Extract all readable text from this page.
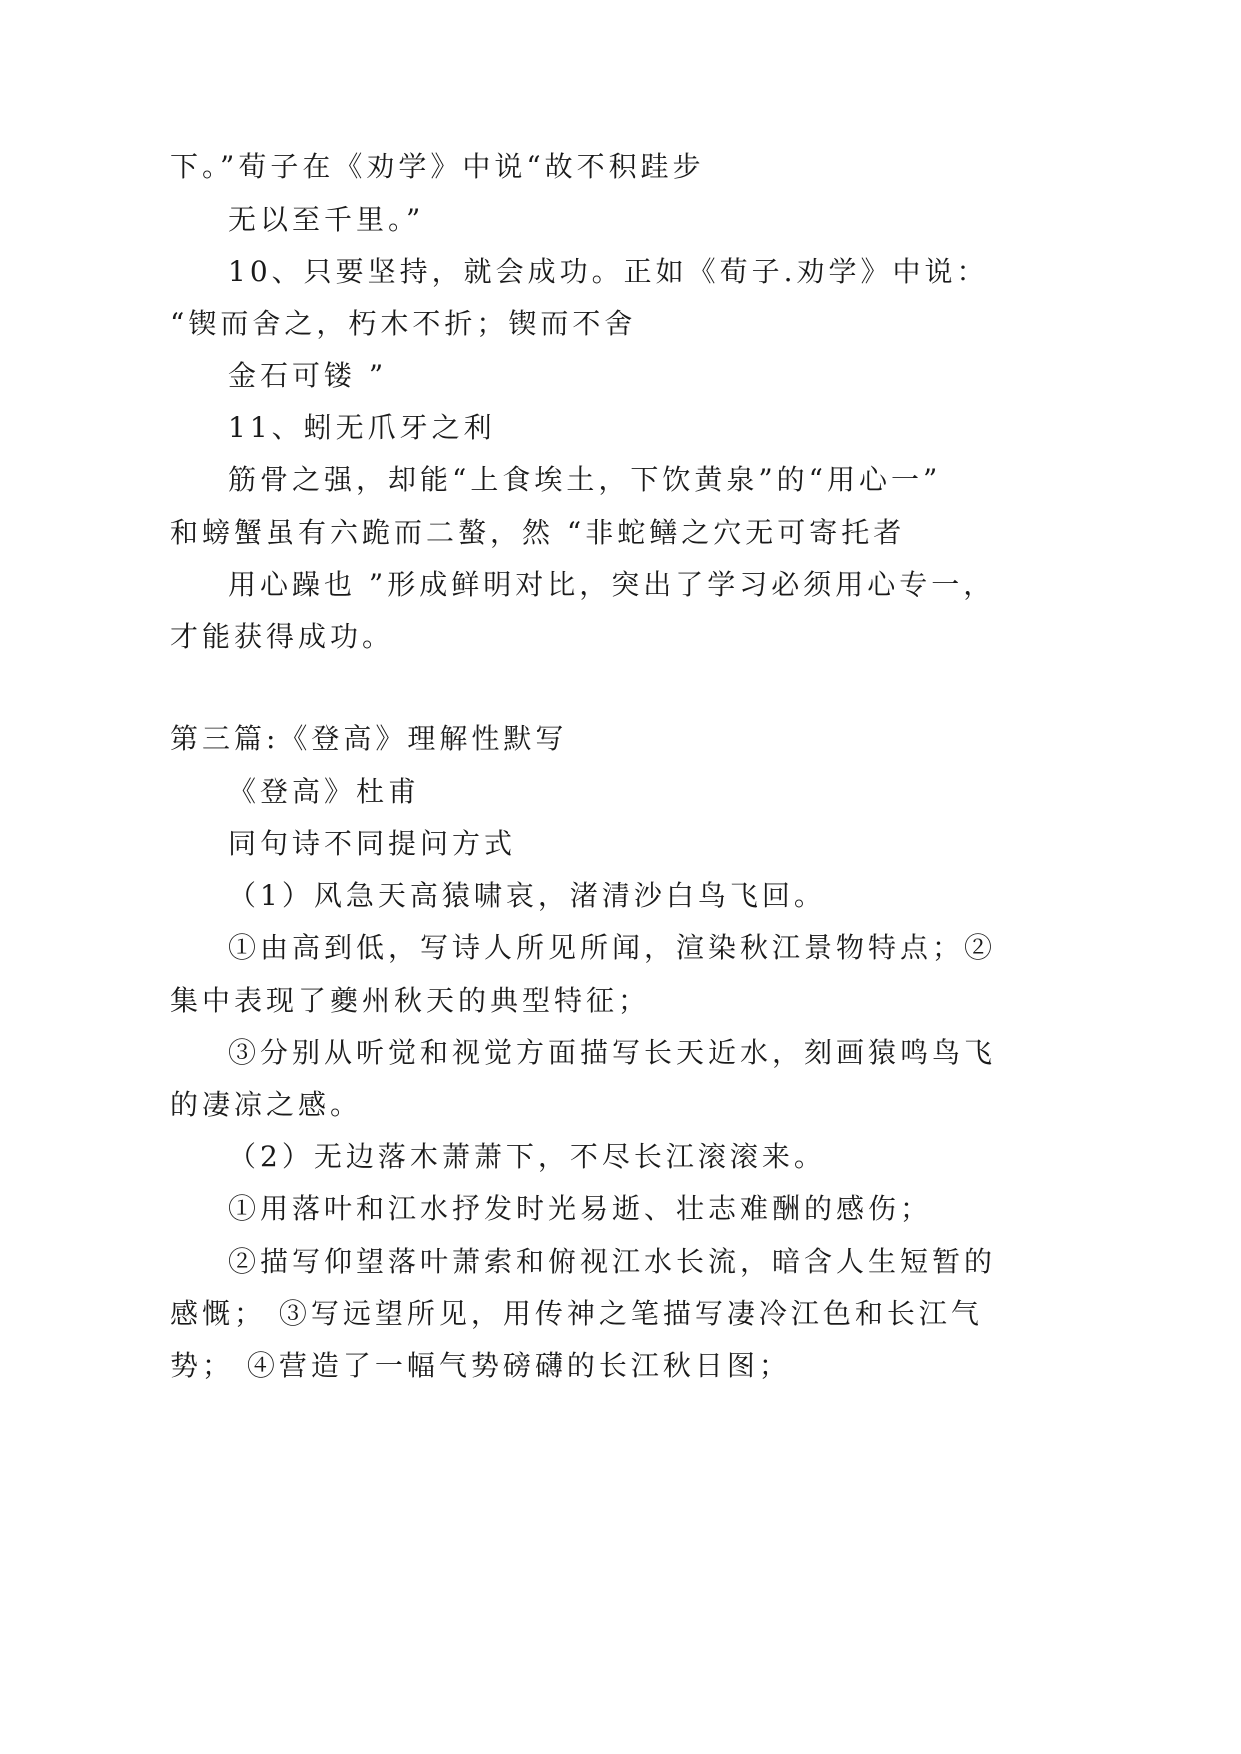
下。”荀子在《劝学》中说“故不积跬步
无以至千里。”
10、只要坚持，就会成功。正如《荀子.劝学》中说：
“锲而舍之，朽木不折；锲而不舍
金石可镂 ”
11、蚓无爪牙之利
筋骨之强，却能“上食埃土，下饮黄泉”的“用心一”
和螃蟹虽有六跪而二螯，然 “非蛇鳝之穴无可寄托者
用心躁也 ”形成鲜明对比，突出了学习必须用心专一，
才能获得成功。
第三篇:《登高》理解性默写
《登高》杜甫
同句诗不同提问方式
（1）风急天高猿啸哀，渚清沙白鸟飞回。
①由高到低，写诗人所见所闻，渲染秋江景物特点；②
集中表现了夔州秋天的典型特征；
③分别从听觉和视觉方面描写长天近水，刻画猿鸣鸟飞
的凄凉之感。
（2）无边落木萧萧下，不尽长江滚滚来。
①用落叶和江水抒发时光易逝、壮志难酬的感伤；
②描写仰望落叶萧索和俯视江水长流，暗含人生短暂的
感慨； ③写远望所见，用传神之笔描写凄冷江色和长江气
势； ④营造了一幅气势磅礴的长江秋日图；
